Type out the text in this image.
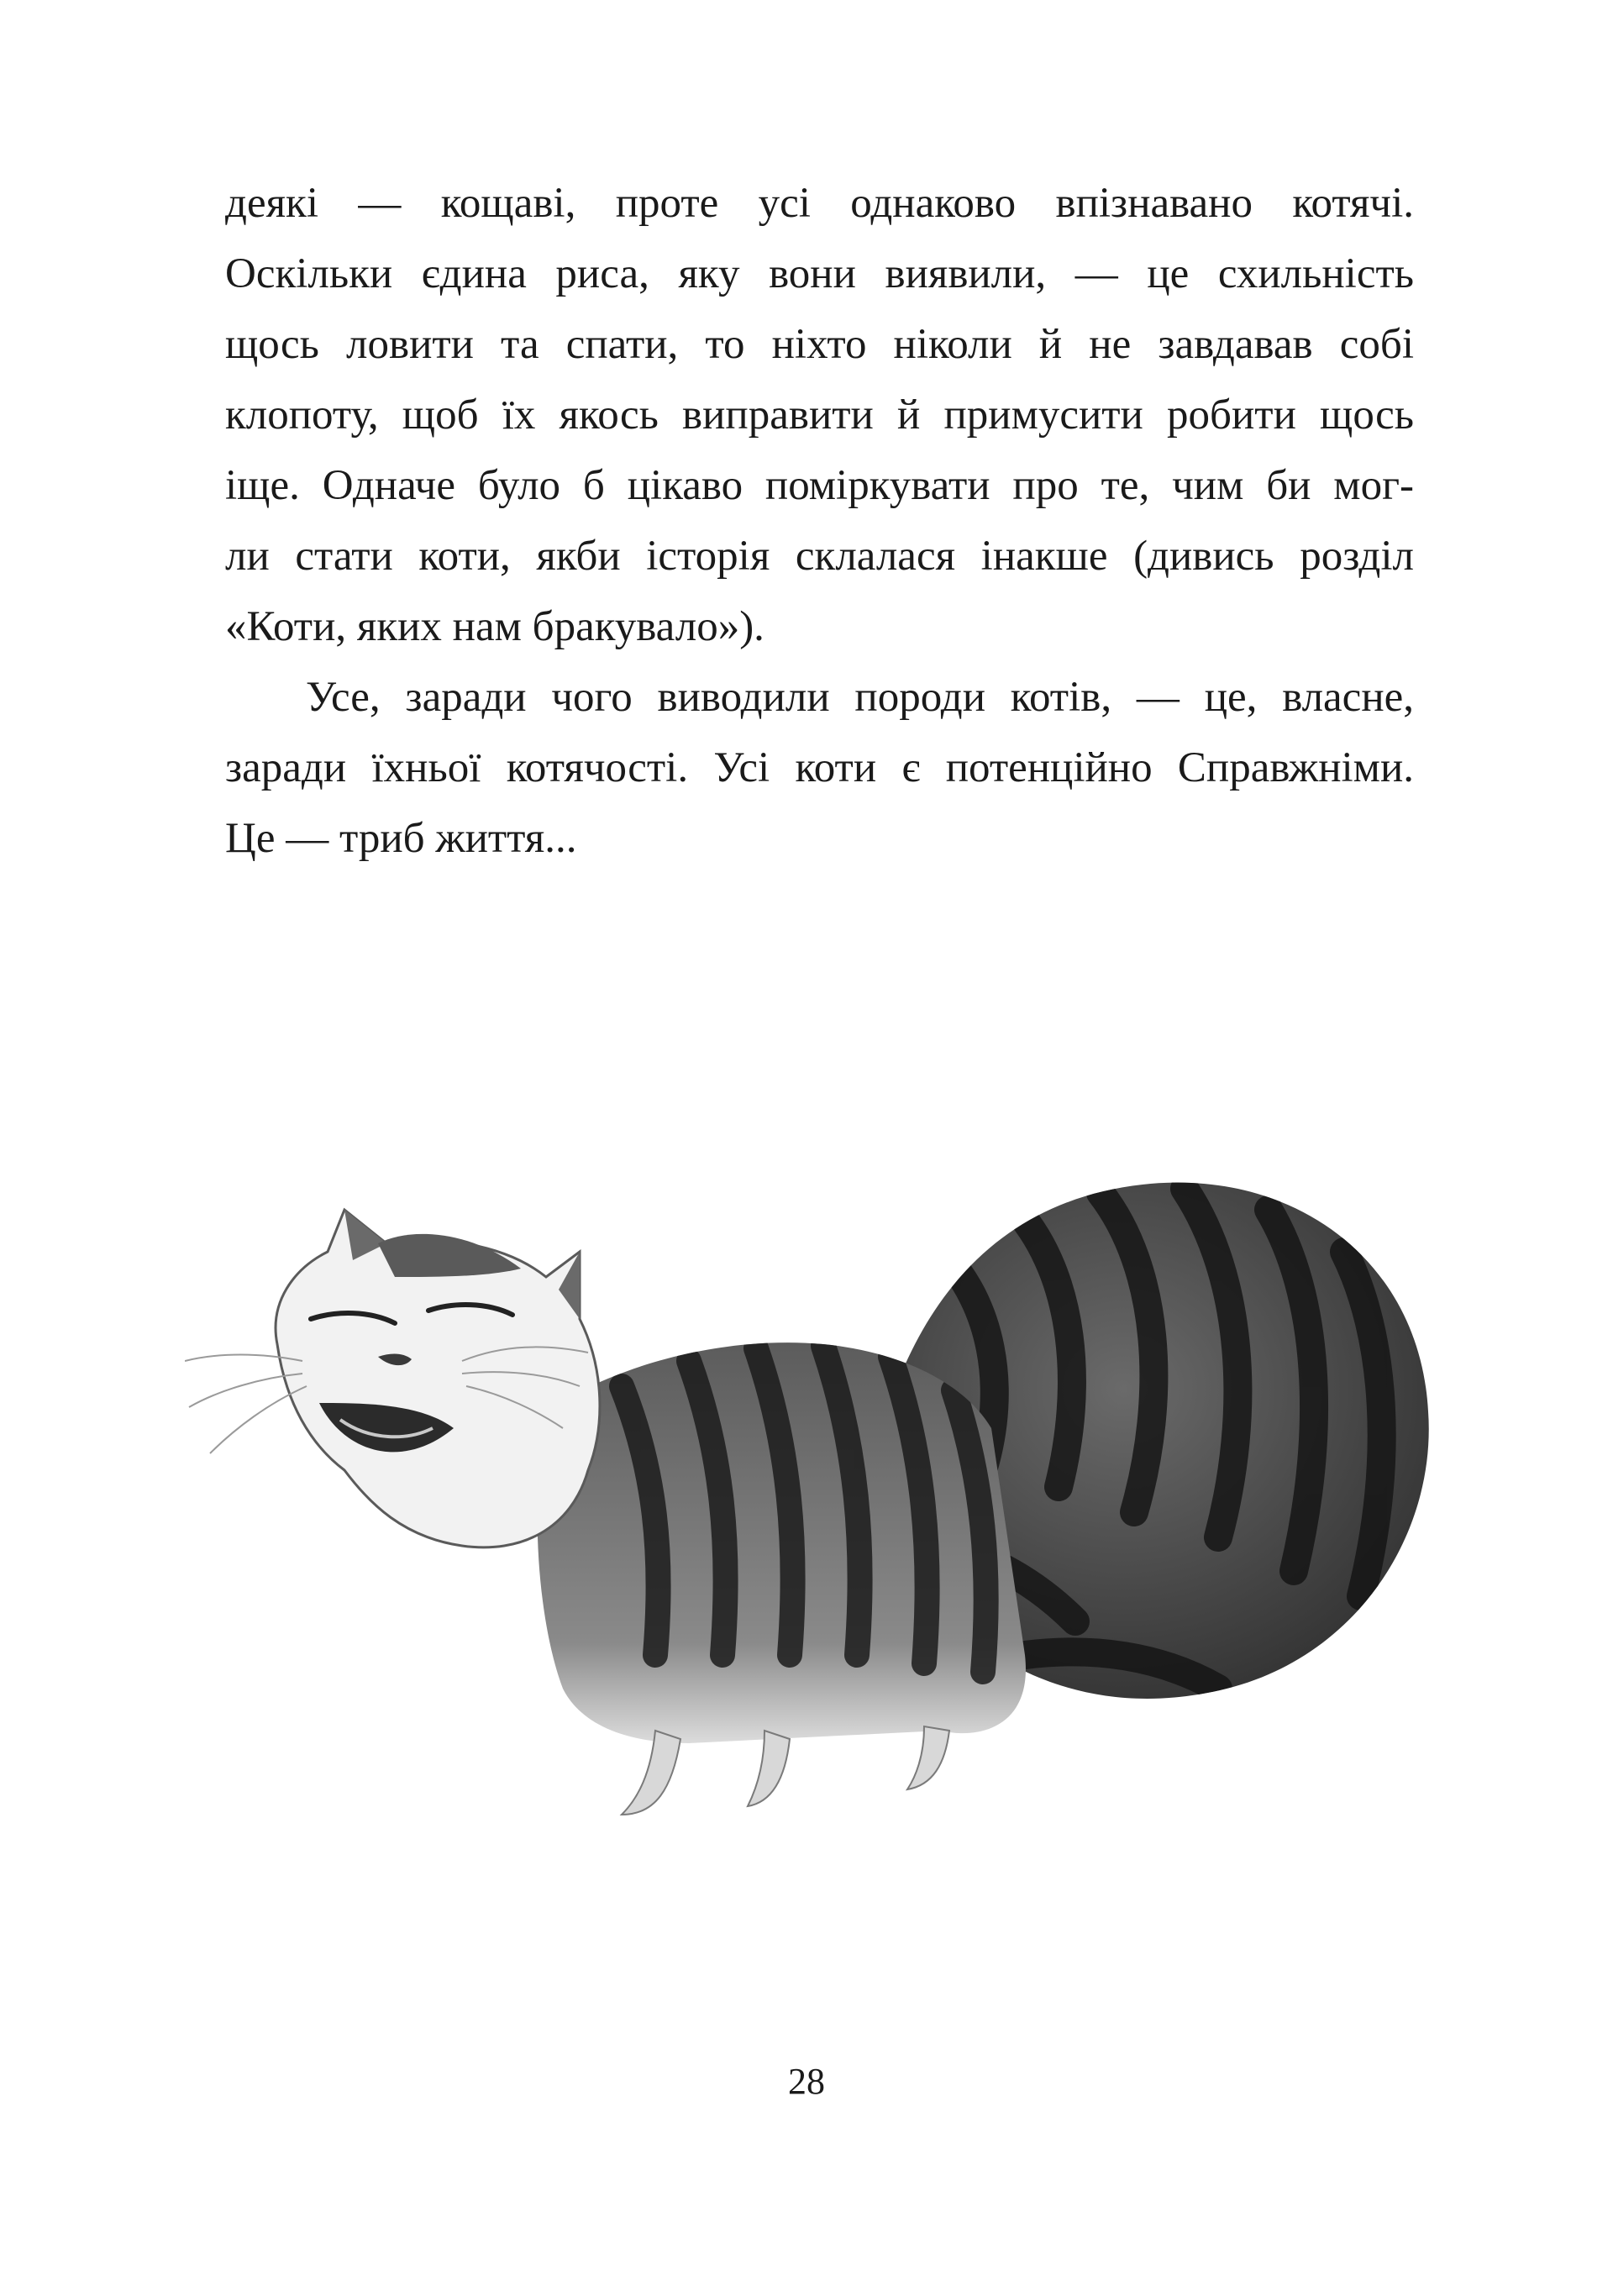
деякі — кощаві, проте усі однаково впізнавано котячі.
Оскільки єдина риса, яку вони виявили, — це схильність
щось ловити та спати, то ніхто ніколи й не завдавав собі
клопоту, щоб їх якось виправити й примусити робити щось
іще. Одначе було б цікаво поміркувати про те, чим би мог-
ли стати коти, якби історія склалася інакше (дивись розділ
«Коти, яких нам бракувало»).

Усе, заради чого виводили породи котів, — це, власне,
заради їхньої котячості. Усі коти є потенційно Справжніми.
Це — триб життя...

28
